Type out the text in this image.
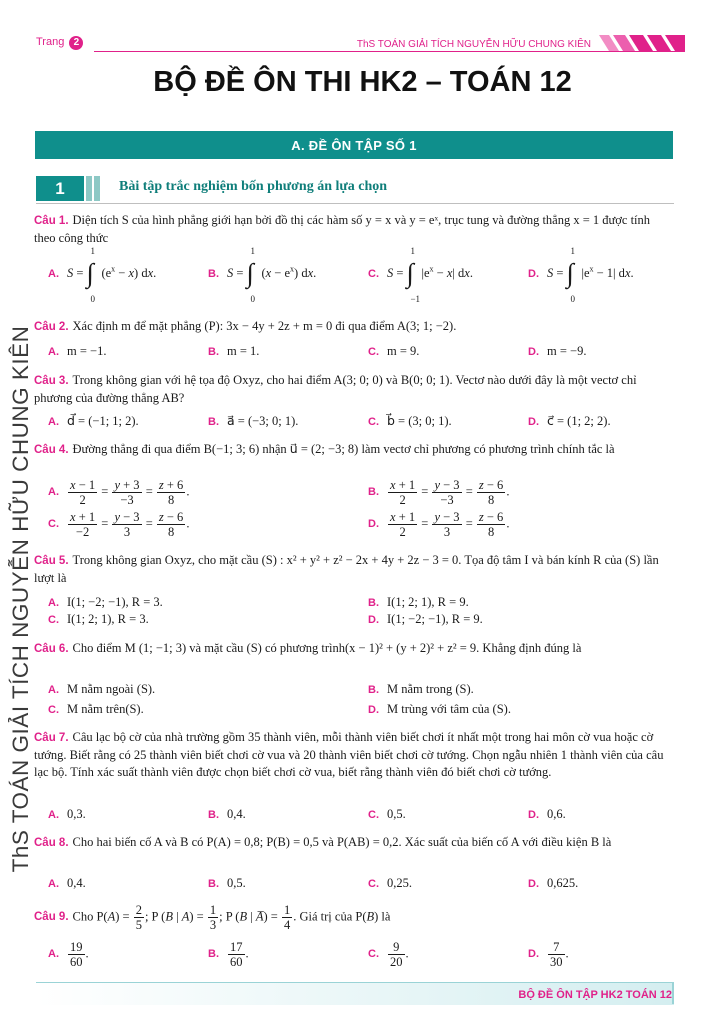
Trang 2	ThS TOÁN GIẢI TÍCH NGUYỄN HỮU CHUNG KIÊN
BỘ ĐỀ ÔN THI HK2 – TOÁN 12
A. ĐỀ ÔN TẬP SỐ 1
1	Bài tập trắc nghiệm bốn phương án lựa chọn
ThS TOÁN GIẢI TÍCH NGUYỄN HỮU CHUNG KIÊN
Câu 1. Diện tích S của hình phẳng giới hạn bởi đồ thị các hàm số y = x và y = eˣ, trục tung và đường thẳng x = 1 được tính theo công thức
A. S = ∫
1
0
$(e^x - x)$ dx.	B. S = ∫
1
0
$(x - e^x)$ dx.	C. S = ∫
1
−1
$|e^x - x|$ dx.	D. S = ∫
1
0
$|e^x - 1|$ dx.
Câu 2. Xác định m để mặt phẳng (P): 3x − 4y + 2z + m = 0 đi qua điểm A(3; 1; −2).
A. m = −1.	B. m = 1.	C. m = 9.	D. m = −9.
Câu 3. Trong không gian với hệ tọa độ Oxyz, cho hai điểm A(3; 0; 0) và B(0; 0; 1). Vectơ nào dưới đây là một vectơ chỉ phương của đường thẳng AB?
A. d⃗ = (−1; 1; 2).	B. a⃗ = (−3; 0; 1).	C. b⃗ = (3; 0; 1).	D. c⃗ = (1; 2; 2).
Câu 4. Đường thẳng đi qua điểm B(−1; 3; 6) nhận u⃗ = (2; −3; 8) làm vectơ chỉ phương có phương trình chính tắc là
A. $\frac{x - 1}{2} = \frac{y + 3}{-3} = \frac{z + 6}{8}$ .	B. $\frac{x + 1}{2} = \frac{y - 3}{-3} = \frac{z - 6}{8}$ .
C. $\frac{x + 1}{-2} = \frac{y - 3}{3} = \frac{z - 6}{8}$ .	D. $\frac{x + 1}{2} = \frac{y - 3}{3} = \frac{z - 6}{8}$ .
Câu 5. Trong không gian Oxyz, cho mặt cầu (S) : x² + y² + z² − 2x + 4y + 2z − 3 = 0. Tọa độ tâm I và bán kính R của (S) lần lượt là
A. I(1; −2; −1), R = 3.	B. I(1; 2; 1), R = 9.
C. I(1; 2; 1), R = 3.	D. I(1; −2; −1), R = 9.
Câu 6. Cho điểm M (1; −1; 3) và mặt cầu (S) có phương trình(x − 1)² + (y + 2)² + z² = 9. Khẳng định đúng là
A. M nằm ngoài (S).	B. M nằm trong (S).
C. M nằm trên(S).	D. M trùng với tâm của (S).
Câu 7. Câu lạc bộ cờ của nhà trường gồm 35 thành viên, mỗi thành viên biết chơi ít nhất một trong hai môn cờ vua hoặc cờ tướng. Biết rằng có 25 thành viên biết chơi cờ vua và 20 thành viên biết chơi cờ tướng. Chọn ngẫu nhiên 1 thành viên của câu lạc bộ. Tính xác suất thành viên được chọn biết chơi cờ vua, biết rằng thành viên đó biết chơi cờ tướng.
A. 0,3.	B. 0,4.	C. 0,5.	D. 0,6.
Câu 8. Cho hai biến cố A và B có P(A) = 0,8; P(B) = 0,5 và P(AB) = 0,2. Xác suất của biến cố A với điều kiện B là
A. 0,4.	B. 0,5.	C. 0,25.	D. 0,625.
Câu 9. Cho $P(A) = \frac{2}{5}$ ; P (B | $A) = \frac{1}{3}$ ; P (B | A̅) = $\frac{1}{4}$ . Giá trị của P(B) là
A. $\frac{19}{60}$ .	B. $\frac{17}{60}$ .	C. $\frac{9}{20}$ .	D. $\frac{7}{30}$ .
BỘ ĐỀ ÔN TẬP HK2 TOÁN 12
